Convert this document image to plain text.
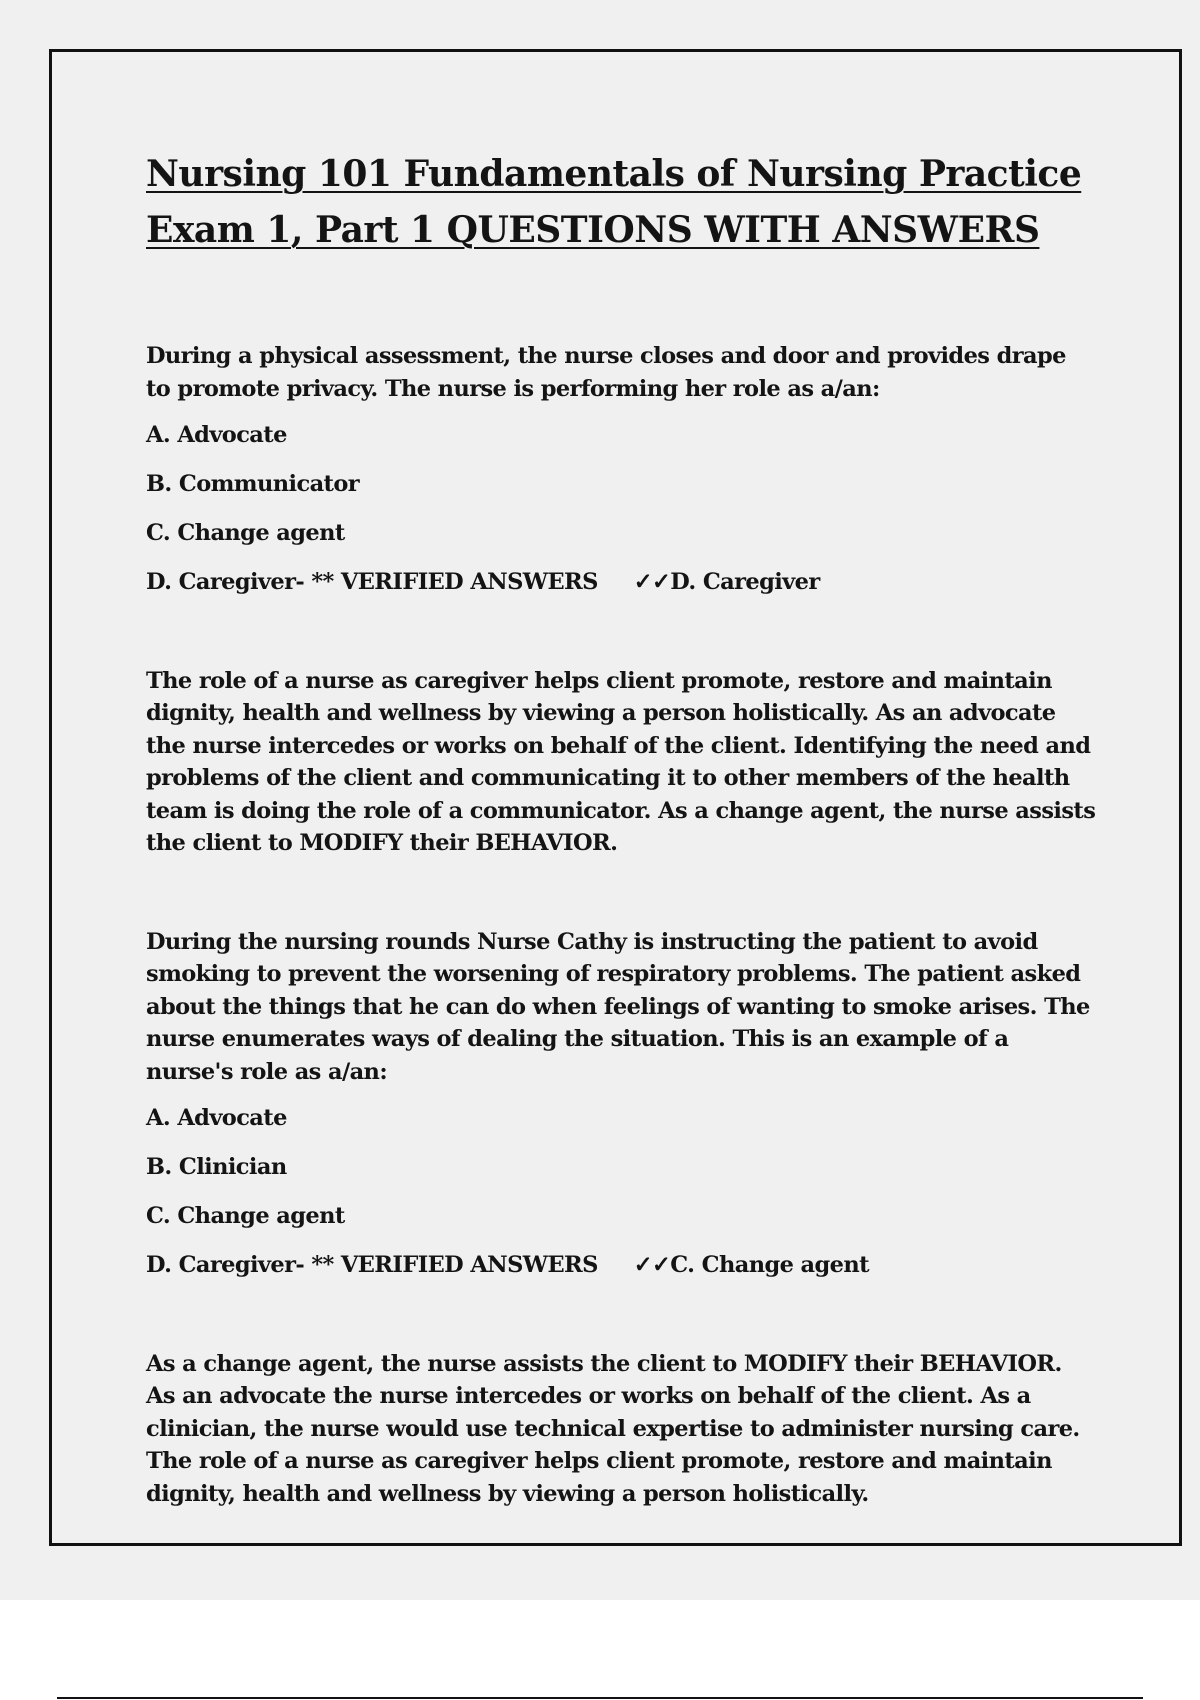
Nursing 101 Fundamentals of Nursing Practice Exam 1, Part 1 QUESTIONS WITH ANSWERS

During a physical assessment, the nurse closes and door and provides drape to promote privacy. The nurse is performing her role as a/an:

A. Advocate

B. Communicator

C. Change agent

D. Caregiver- ** VERIFIED ANSWERS ✓✓D. Caregiver

The role of a nurse as caregiver helps client promote, restore and maintain dignity, health and wellness by viewing a person holistically. As an advocate the nurse intercedes or works on behalf of the client. Identifying the need and problems of the client and communicating it to other members of the health team is doing the role of a communicator. As a change agent, the nurse assists the client to MODIFY their BEHAVIOR.

During the nursing rounds Nurse Cathy is instructing the patient to avoid smoking to prevent the worsening of respiratory problems. The patient asked about the things that he can do when feelings of wanting to smoke arises. The nurse enumerates ways of dealing the situation. This is an example of a nurse's role as a/an:

A. Advocate

B. Clinician

C. Change agent

D. Caregiver- ** VERIFIED ANSWERS ✓✓C. Change agent

As a change agent, the nurse assists the client to MODIFY their BEHAVIOR. As an advocate the nurse intercedes or works on behalf of the client. As a clinician, the nurse would use technical expertise to administer nursing care. The role of a nurse as caregiver helps client promote, restore and maintain dignity, health and wellness by viewing a person holistically.
